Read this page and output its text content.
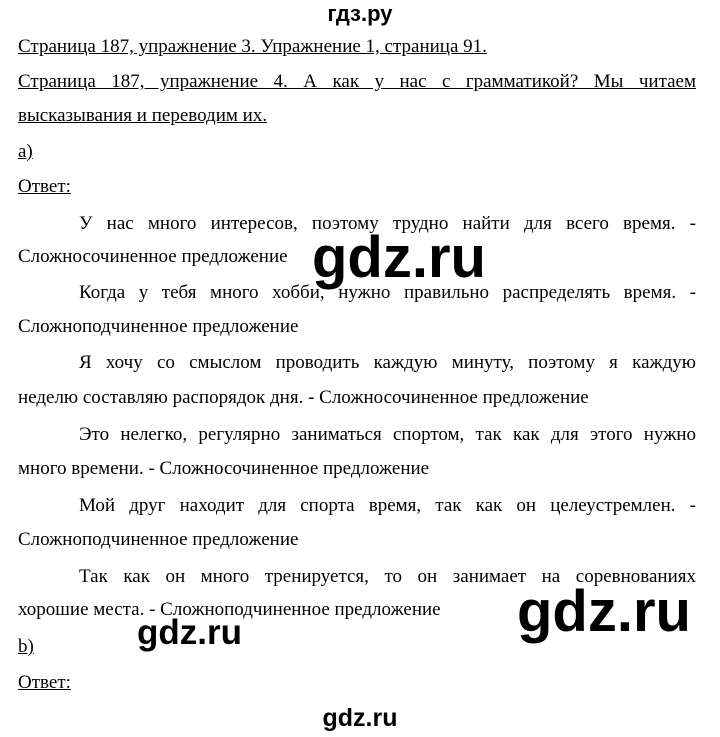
гдз.ру
Страница 187, упражнение 3. Упражнение 1, страница 91.
Страница 187, упражнение 4. А как у нас с грамматикой? Мы читаем
высказывания и переводим их.
a)
Ответ:
У нас много интересов, поэтому трудно найти для всего время. -
Сложносочиненное предложение
Когда у тебя много хобби, нужно правильно распределять время. -
Сложноподчиненное предложение
Я хочу со смыслом проводить каждую минуту, поэтому я каждую
неделю составляю распорядок дня. - Сложносочиненное предложение
Это нелегко, регулярно заниматься спортом, так как для этого нужно
много времени. - Сложносочиненное предложение
Мой друг находит для спорта время, так как он целеустремлен. -
Сложноподчиненное предложение
Так как он много тренируется, то он занимает на соревнованиях
хорошие места. - Сложноподчиненное предложение
b)
Ответ:
gdz.ru
gdz.ru
gdz.ru
gdz.ru
